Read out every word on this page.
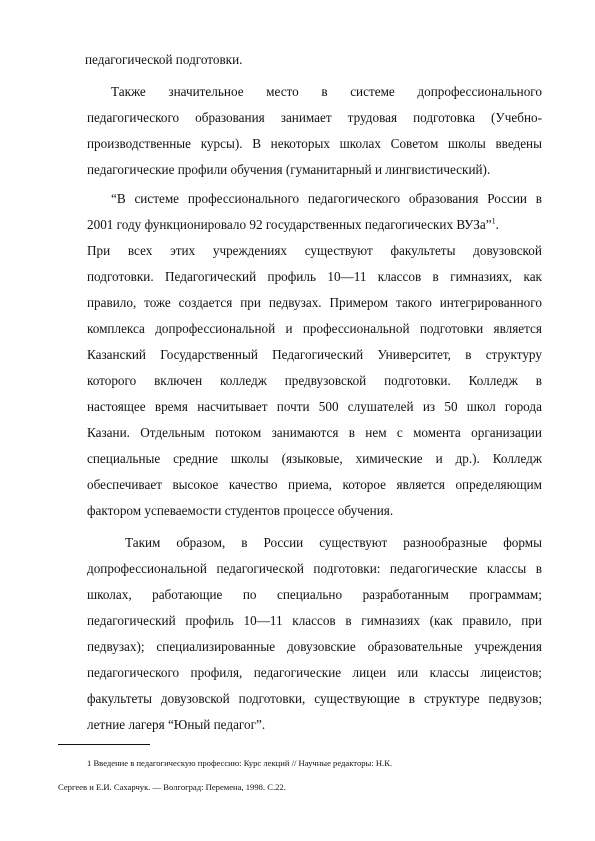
педагогической подготовки.
Также значительное место в системе допрофессионального
педагогического образования занимает трудовая подготовка (Учебно-
производственные курсы). В некоторых школах Советом школы введены
педагогические профили обучения (гуманитарный и лингвистический).
“В системе профессионального педагогического образования России в
2001 году функционировало 92 государственных педагогических ВУЗа”$^1$.
При всех этих учреждениях существуют факультеты довузовской
подготовки. Педагогический профиль 10—11 классов в гимназиях, как
правило, тоже создается при педвузах. Примером такого интегрированного
комплекса допрофессиональной и профессиональной подготовки является
Казанский Государственный Педагогический Университет, в структуру
которого включен колледж предвузовской подготовки. Колледж в
настоящее время насчитывает почти 500 слушателей из 50 школ города
Казани. Отдельным потоком занимаются в нем с момента организации
специальные средние школы (языковые, химические и др.). Колледж
обеспечивает высокое качество приема, которое является определяющим
фактором успеваемости студентов процессе обучения.
Таким образом, в России существуют разнообразные формы
допрофессиональной педагогической подготовки: педагогические классы в
школах, работающие по специально разработанным программам;
педагогический профиль 10—11 классов в гимназиях (как правило, при
педвузах); специализированные довузовские образовательные учреждения
педагогического профиля, педагогические лицеи или классы лицеистов;
факультеты довузовской подготовки, существующие в структуре педвузов;
летние лагеря “Юный педагог”.
1 Введение в педагогическую профессию: Курс лекций // Научные редакторы: Н.К.
Сергеев и Е.И. Сахарчук. — Волгоград: Перемена, 1998. С.22.
